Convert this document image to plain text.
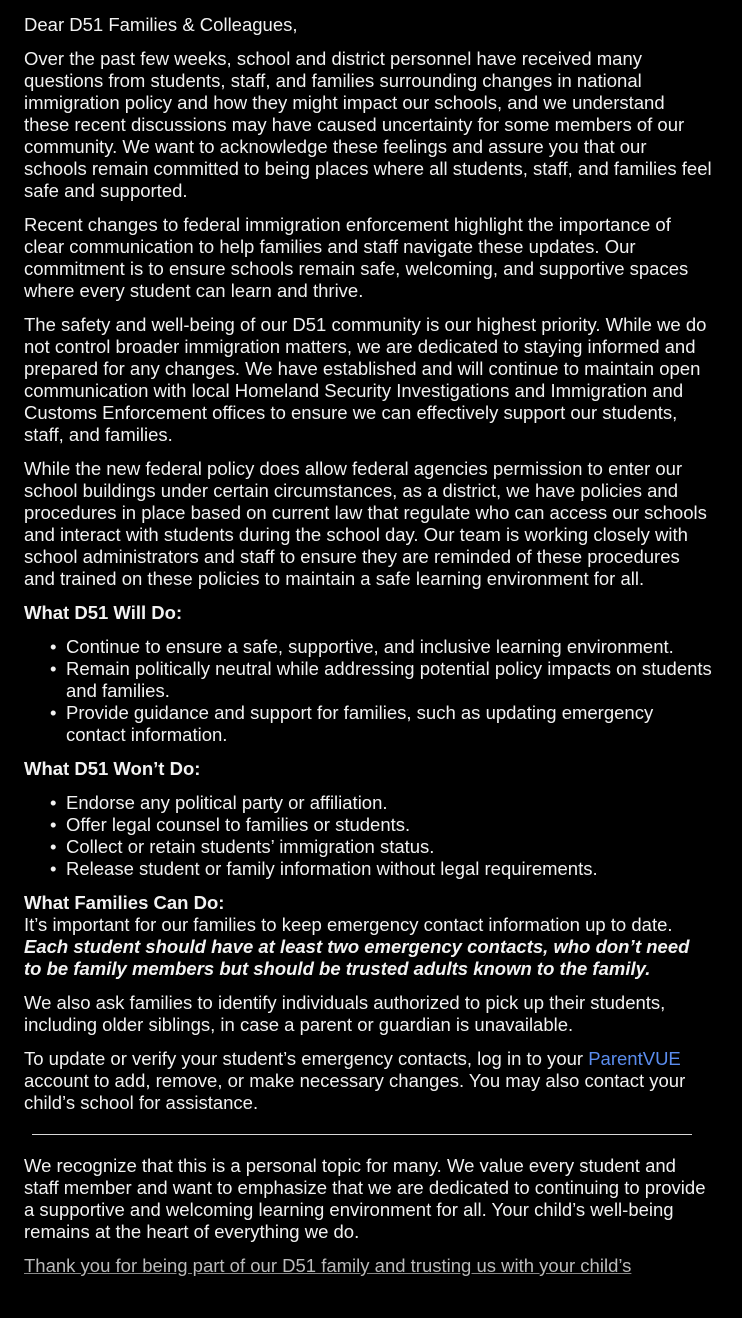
Dear D51 Families & Colleagues,

Over the past few weeks, school and district personnel have received many questions from students, staff, and families surrounding changes in national immigration policy and how they might impact our schools, and we understand these recent discussions may have caused uncertainty for some members of our community. We want to acknowledge these feelings and assure you that our schools remain committed to being places where all students, staff, and families feel safe and supported.

Recent changes to federal immigration enforcement highlight the importance of clear communication to help families and staff navigate these updates. Our commitment is to ensure schools remain safe, welcoming, and supportive spaces where every student can learn and thrive.

The safety and well-being of our D51 community is our highest priority. While we do not control broader immigration matters, we are dedicated to staying informed and prepared for any changes. We have established and will continue to maintain open communication with local Homeland Security Investigations and Immigration and Customs Enforcement offices to ensure we can effectively support our students, staff, and families.

While the new federal policy does allow federal agencies permission to enter our school buildings under certain circumstances, as a district, we have policies and procedures in place based on current law that regulate who can access our schools and interact with students during the school day. Our team is working closely with school administrators and staff to ensure they are reminded of these procedures and trained on these policies to maintain a safe learning environment for all.

What D51 Will Do:

• Continue to ensure a safe, supportive, and inclusive learning environment.
• Remain politically neutral while addressing potential policy impacts on students and families.
• Provide guidance and support for families, such as updating emergency contact information.

What D51 Won’t Do:

• Endorse any political party or affiliation.
• Offer legal counsel to families or students.
• Collect or retain students’ immigration status.
• Release student or family information without legal requirements.

What Families Can Do:

It’s important for our families to keep emergency contact information up to date. Each student should have at least two emergency contacts, who don’t need to be family members but should be trusted adults known to the family.

We also ask families to identify individuals authorized to pick up their students, including older siblings, in case a parent or guardian is unavailable.

To update or verify your student’s emergency contacts, log in to your ParentVUE account to add, remove, or make necessary changes. You may also contact your child’s school for assistance.

We recognize that this is a personal topic for many. We value every student and staff member and want to emphasize that we are dedicated to continuing to provide a supportive and welcoming learning environment for all. Your child’s well-being remains at the heart of everything we do.

Thank you for being part of our D51 family and trusting us with your child’s
